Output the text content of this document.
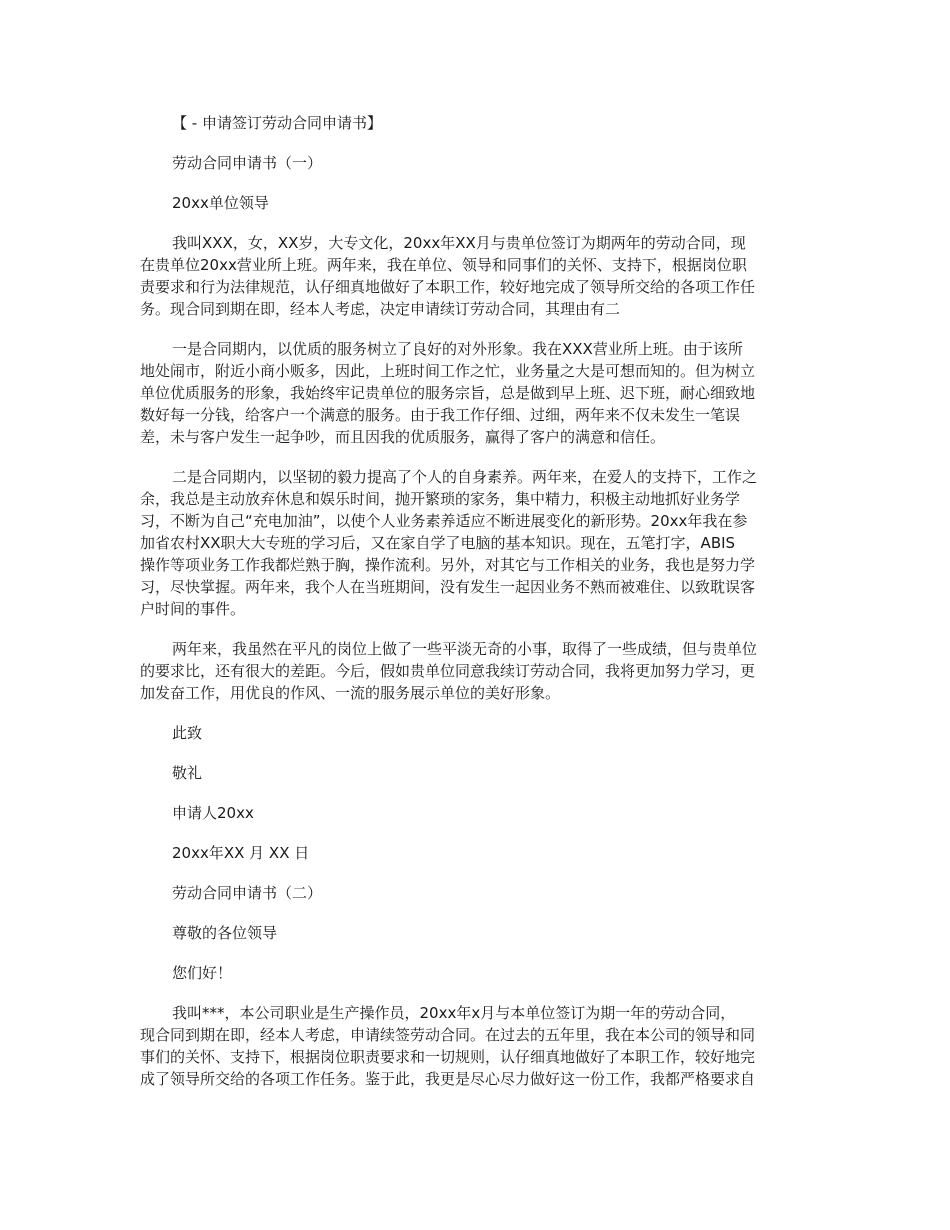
【 - 申请签订劳动合同申请书】
劳动合同申请书（一）
20xx单位领导
我叫XXX，女，XX岁，大专文化，20xx年XX月与贵单位签订为期两年的劳动合同，现
在贵单位20xx营业所上班。两年来，我在单位、领导和同事们的关怀、支持下，根据岗位职
责要求和行为法律规范，认仔细真地做好了本职工作，较好地完成了领导所交给的各项工作任
务。现合同到期在即，经本人考虑，决定申请续订劳动合同，其理由有二
一是合同期内，以优质的服务树立了良好的对外形象。我在XXX营业所上班。由于该所
地处闹市，附近小商小贩多，因此，上班时间工作之忙，业务量之大是可想而知的。但为树立
单位优质服务的形象，我始终牢记贵单位的服务宗旨，总是做到早上班、迟下班，耐心细致地
数好每一分钱，给客户一个满意的服务。由于我工作仔细、过细，两年来不仅未发生一笔误
差，未与客户发生一起争吵，而且因我的优质服务，赢得了客户的满意和信任。
二是合同期内，以坚韧的毅力提高了个人的自身素养。两年来，在爱人的支持下，工作之
余，我总是主动放弃休息和娱乐时间，抛开繁琐的家务，集中精力，积极主动地抓好业务学
习，不断为自己“充电加油”，以使个人业务素养适应不断进展变化的新形势。20xx年我在参
加省农村XX职大大专班的学习后，又在家自学了电脑的基本知识。现在，五笔打字，ABIS
操作等项业务工作我都烂熟于胸，操作流利。另外，对其它与工作相关的业务，我也是努力学
习，尽快掌握。两年来，我个人在当班期间，没有发生一起因业务不熟而被难住、以致耽误客
户时间的事件。
两年来，我虽然在平凡的岗位上做了一些平淡无奇的小事，取得了一些成绩，但与贵单位
的要求比，还有很大的差距。今后，假如贵单位同意我续订劳动合同，我将更加努力学习，更
加发奋工作，用优良的作风、一流的服务展示单位的美好形象。
此致
敬礼
申请人20xx
20xx年XX 月 XX 日
劳动合同申请书（二）
尊敬的各位领导
您们好！
我叫***，本公司职业是生产操作员，20xx年x月与本单位签订为期一年的劳动合同，
现合同到期在即，经本人考虑，申请续签劳动合同。在过去的五年里，我在本公司的领导和同
事们的关怀、支持下，根据岗位职责要求和一切规则，认仔细真地做好了本职工作，较好地完
成了领导所交给的各项工作任务。鉴于此，我更是尽心尽力做好这一份工作，我都严格要求自
